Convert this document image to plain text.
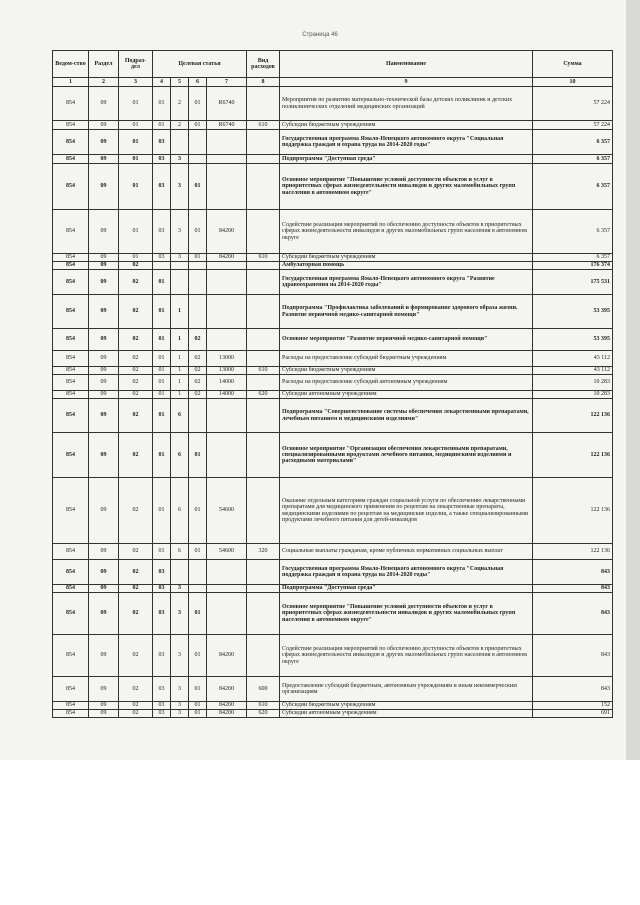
Страница 46
Ведом-ство	Раздел	Подраз-дел	Целевая статья				Вид расходов	Наименование	Сумма
1	2	3	4	5	6	7	8	9	10
854	09	01	01	2	01	R6740		Мероприятия по развитию материально-технической базы детских поликлиник и детских поликлинических отделений медицинских организаций	57 224
854	09	01	01	2	01	R6740	610	Субсидии бюджетным учреждениям	57 224
854	09	01	03					Государственная программа Ямало-Ненецкого автономного округа "Социальная поддержка граждан и охрана труда на 2014-2020 годы"	6 357
854	09	01	03	3				Подпрограмма "Доступная среда"	6 357
854	09	01	03	3	01			Основное мероприятие "Повышение условий доступности объектов и услуг в приоритетных сферах жизнедеятельности инвалидов и других маломобильных групп населения в автономном округе"	6 357
854	09	01	03	3	01	84200		Содействие реализации мероприятий по обеспечению доступности объектов в приоритетных сферах жизнедеятельности инвалидов и других маломобильных групп населения в автономном округе	6 357
854	09	01	03	3	01	84200	610	Субсидии бюджетным учреждениям	6 357
854	09	02						Амбулаторная помощь	176 374
854	09	02	01					Государственная программа Ямало-Ненецкого автономного округа "Развитие здравоохранения на 2014-2020 годы"	175 531
854	09	02	01	1				Подпрограмма "Профилактика заболеваний и формирование здорового образа жизни. Развитие первичной медико-санитарной помощи"	53 395
854	09	02	01	1	02			Основное мероприятие "Развитие первичной медико-санитарной помощи"	53 395
854	09	02	01	1	02	13000		Расходы на предоставление субсидий бюджетным учреждениям	43 112
854	09	02	01	1	02	13000	610	Субсидии бюджетным учреждениям	43 112
854	09	02	01	1	02	14000		Расходы на предоставление субсидий автономным учреждениям	10 283
854	09	02	01	1	02	14000	620	Субсидии автономным учреждениям	10 283
854	09	02	01	6				Подпрограмма "Совершенствование системы обеспечения лекарственными препаратами, лечебным питанием и медицинскими изделиями"	122 136
854	09	02	01	6	01			Основное мероприятие "Организация обеспечения лекарственными препаратами, специализированными продуктами лечебного питания, медицинскими изделиями и расходными материалами"	122 136
854	09	02	01	6	01	54600		Оказание отдельным категориям граждан социальной услуги по обеспечению лекарственными препаратами для медицинского применения по рецептам на лекарственные препараты, медицинскими изделиями по рецептам на медицинские изделия, а также специализированными продуктами лечебного питания для детей-инвалидов	122 136
854	09	02	01	6	01	54600	320	Социальные выплаты гражданам, кроме публичных нормативных социальных выплат	122 136
854	09	02	03					Государственная программа Ямало-Ненецкого автономного округа "Социальная поддержка граждан и охрана труда на 2014-2020 годы"	843
854	09	02	03	3				Подпрограмма "Доступная среда"	843
854	09	02	03	3	01			Основное мероприятие "Повышение условий доступности объектов и услуг в приоритетных сферах жизнедеятельности инвалидов и других маломобильных групп населения в автономном округе"	843
854	09	02	03	3	01	84200		Содействие реализации мероприятий по обеспечению доступности объектов в приоритетных сферах жизнедеятельности инвалидов и других маломобильных групп населения в автономном округе	843
854	09	02	03	3	01	84200	600	Предоставление субсидий бюджетным, автономным учреждениям и иным некоммерческим организациям	843
854	09	02	03	3	01	84200	610	Субсидии бюджетным учреждениям	152
854	09	02	03	3	01	84200	620	Субсидии автономным учреждениям	691
